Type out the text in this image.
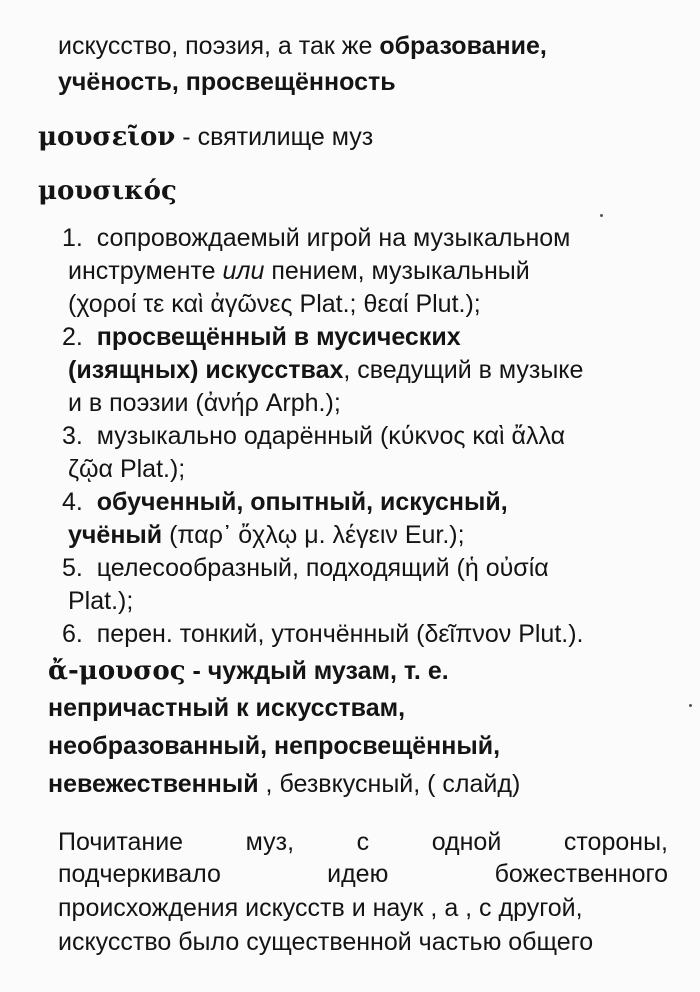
искусство, поэзия, а так же образование,
учёность, просвещённость
μουσεῖον - святилище муз
μουσικός
1. сопровождаемый игрой на музыкальном
инструменте или пением, музыкальный
(χοροί τε καὶ ἀγῶνες Plat.; θεαί Plut.);
2. просвещённый в мусических
(изящных) искусствах, сведущий в музыке
и в поэзии (ἀνήρ Arph.);
3. музыкально одарённый (κύκνος καὶ ἄλλα
ζῷα Plat.);
4. обученный, опытный, искусный,
учёный (παρ᾽ ὄχλῳ μ. λέγειν Eur.);
5. целесообразный, подходящий (ἡ οὐσία
Plat.);
6. перен. тонкий, утончённый (δεῖπνον Plut.).
ἄ-μουσος - чуждый музам, т. е.
непричастный к искусствам,
необразованный, непросвещённый,
невежественный , безвкусный, ( слайд)
Почитание	муз,	с	одной	стороны,
подчеркивало	идею	божественного
происхождения искусств и наук , а , с другой,
искусство было существенной частью общего
